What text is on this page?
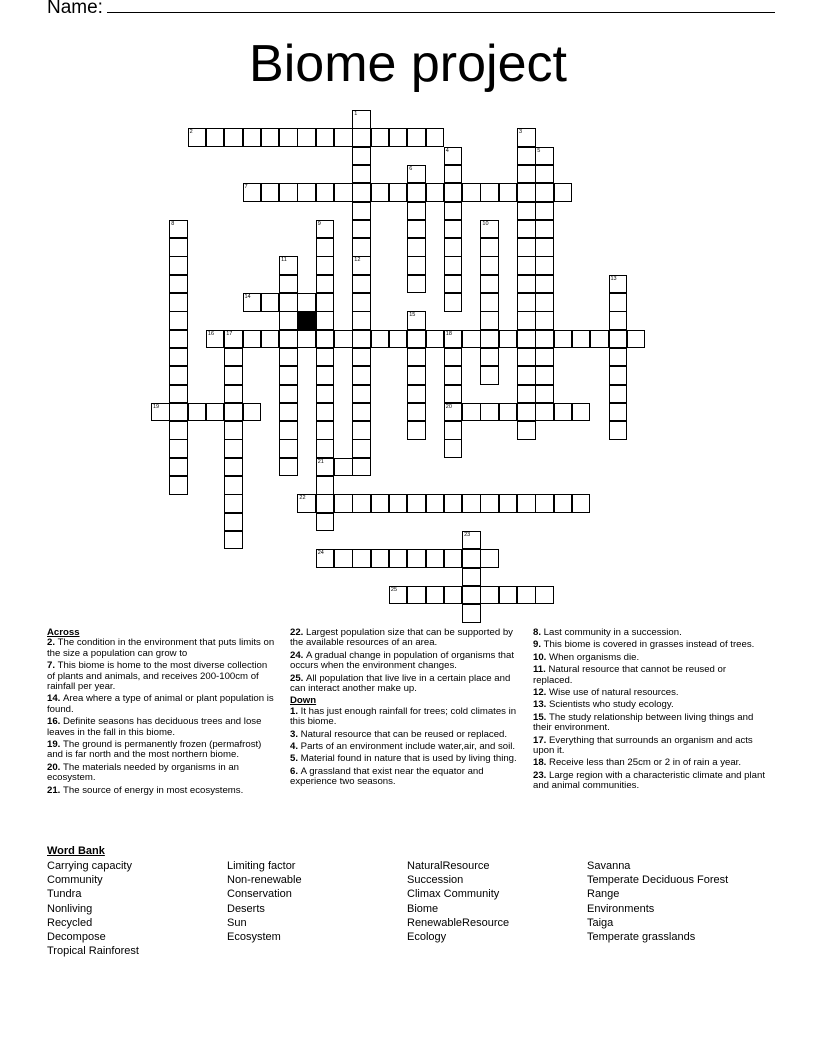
Name:
Biome project
2
7
14
16 17	18
19	20
21
22
24
25
1
12
3
4	5
6
8	9	10
11
13
15
23
Across
2. The condition in the environment that puts limits on the size a population can grow to
7. This biome is home to the most diverse collection of plants and animals, and receives 200-100cm of rainfall per year.
14. Area where a type of animal or plant population is found.
16. Definite seasons has deciduous trees and lose leaves in the fall in this biome.
19. The ground is permanently frozen (permafrost) and is far north and the most northern biome.
20. The materials needed by organisms in an ecosystem.
21. The source of energy in most ecosystems.
22. Largest population size that can be supported by the available resources of an area.
24. A gradual change in population of organisms that occurs when the environment changes.
25. All population that live live in a certain place and can interact another make up.
Down
1. It has just enough rainfall for trees; cold climates in this biome.
3. Natural resource that can be reused or replaced.
4. Parts of an environment include water,air, and soil.
5. Material found in nature that is used by living thing.
6. A grassland that exist near the equator and experience two seasons.
8. Last community in a succession.
9. This biome is covered in grasses instead of trees.
10. When organisms die.
11. Natural resource that cannot be reused or replaced.
12. Wise use of natural resources.
13. Scientists who study ecology.
15. The study relationship between living things and their environment.
17. Everything that surrounds an organism and acts upon it.
18. Receive less than 25cm or 2 in of rain a year.
23. Large region with a characteristic climate and plant and animal communities.
Word Bank
Carrying capacity
Community
Tundra
Nonliving
Recycled
Decompose
Tropical Rainforest
Limiting factor
Non-renewable
Conservation
Deserts
Sun
Ecosystem
NaturalResource
Succession
Climax Community
Biome
RenewableResource
Ecology
Savanna
Temperate Deciduous Forest
Range
Environments
Taiga
Temperate grasslands
